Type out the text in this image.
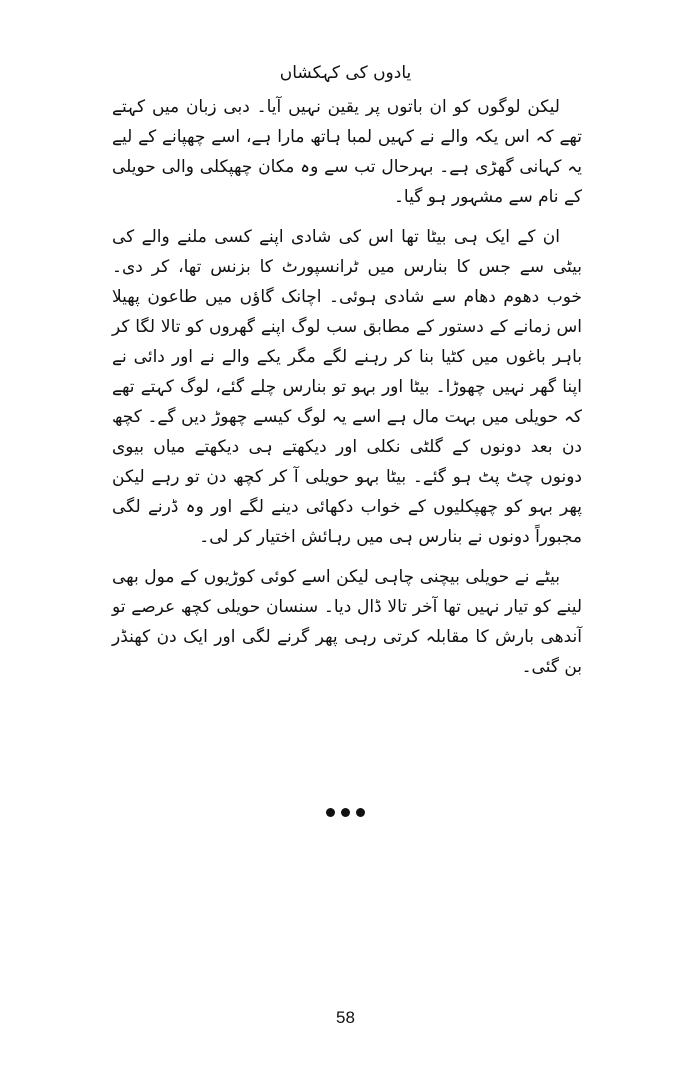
یادوں کی کہکشاں

لیکن لوگوں کو ان باتوں پر یقین نہیں آیا۔ دبی زبان میں کہتے تھے کہ اس یکہ والے نے کہیں لمبا ہاتھ مارا ہے، اسے چھپانے کے لیے یہ کہانی گھڑی ہے۔ بہرحال تب سے وہ مکان چھپکلی والی حویلی کے نام سے مشہور ہو گیا۔

ان کے ایک ہی بیٹا تھا اس کی شادی اپنے کسی ملنے والے کی بیٹی سے جس کا بنارس میں ٹرانسپورٹ کا بزنس تھا، کر دی۔ خوب دھوم دھام سے شادی ہوئی۔ اچانک گاؤں میں طاعون پھیلا اس زمانے کے دستور کے مطابق سب لوگ اپنے گھروں کو تالا لگا کر باہر باغوں میں کٹیا بنا کر رہنے لگے مگر یکے والے نے اور دائی نے اپنا گھر نہیں چھوڑا۔ بیٹا اور بہو تو بنارس چلے گئے، لوگ کہتے تھے کہ حویلی میں بہت مال ہے اسے یہ لوگ کیسے چھوڑ دیں گے۔ کچھ دن بعد دونوں کے گلٹی نکلی اور دیکھتے ہی دیکھتے میاں بیوی دونوں چٹ پٹ ہو گئے۔ بیٹا بہو حویلی آ کر کچھ دن تو رہے لیکن پھر بہو کو چھپکلیوں کے خواب دکھائی دینے لگے اور وہ ڈرنے لگی مجبوراً دونوں نے بنارس ہی میں رہائش اختیار کر لی۔

بیٹے نے حویلی بیچنی چاہی لیکن اسے کوئی کوڑیوں کے مول بھی لینے کو تیار نہیں تھا آخر تالا ڈال دیا۔ سنسان حویلی کچھ عرصے تو آندھی بارش کا مقابلہ کرتی رہی پھر گرنے لگی اور ایک دن کھنڈر بن گئی۔

58
